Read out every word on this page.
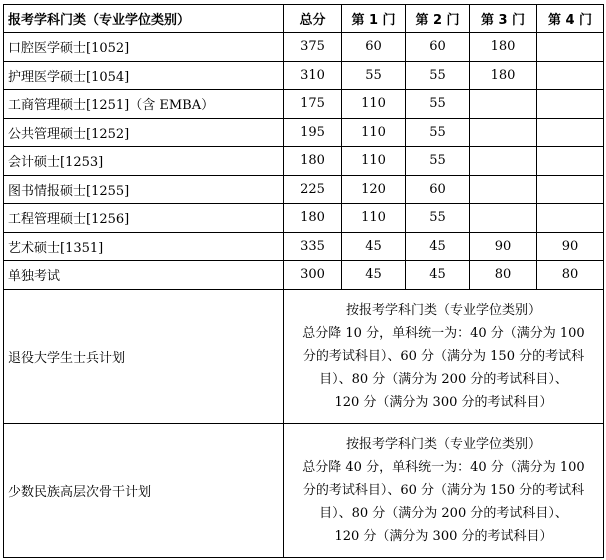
报考学科门类（专业学位类别）	总分	第 1 门	第 2 门	第 3 门	第 4 门
口腔医学硕士[1052]	375	60	60	180	
护理医学硕士[1054]	310	55	55	180	
工商管理硕士[1251]（含 EMBA）	175	110	55		
公共管理硕士[1252]	195	110	55		
会计硕士[1253]	180	110	55		
图书情报硕士[1255]	225	120	60		
工程管理硕士[1256]	180	110	55		
艺术硕士[1351]	335	45	45	90	90
单独考试	300	45	45	80	80
退役大学生士兵计划	按报考学科门类（专业学位类别）
总分降 10 分，单科统一为：40 分（满分为 100
分的考试科目）、60 分（满分为 150 分的考试科
目）、80 分（满分为 200 分的考试科目）、
120 分（满分为 300 分的考试科目）				

少数民族高层次骨干计划	按报考学科门类（专业学位类别）
总分降 40 分，单科统一为：40 分（满分为 100
分的考试科目）、60 分（满分为 150 分的考试科
目）、80 分（满分为 200 分的考试科目）、
120 分（满分为 300 分的考试科目）				
